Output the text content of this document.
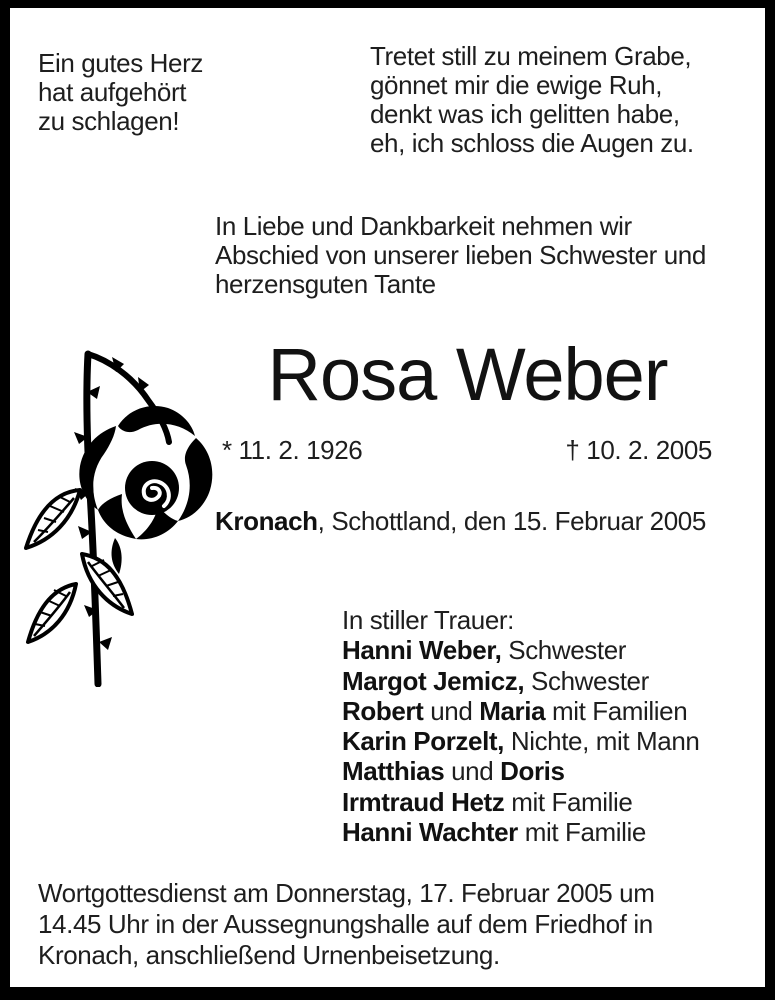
Ein gutes Herz
hat aufgehört
zu schlagen!
Tretet still zu meinem Grabe,
gönnet mir die ewige Ruh,
denkt was ich gelitten habe,
eh, ich schloss die Augen zu.
In Liebe und Dankbarkeit nehmen wir
Abschied von unserer lieben Schwester und
herzensguten Tante
Rosa Weber
* 11. 2. 1926	† 10. 2. 2005
Kronach, Schottland, den 15. Februar 2005
In stiller Trauer:
Hanni Weber, Schwester
Margot Jemicz, Schwester
Robert und Maria mit Familien
Karin Porzelt, Nichte, mit Mann
Matthias und Doris
Irmtraud Hetz mit Familie
Hanni Wachter mit Familie
Wortgottesdienst am Donnerstag, 17. Februar 2005 um
14.45 Uhr in der Aussegnungshalle auf dem Friedhof in
Kronach, anschließend Urnenbeisetzung.
